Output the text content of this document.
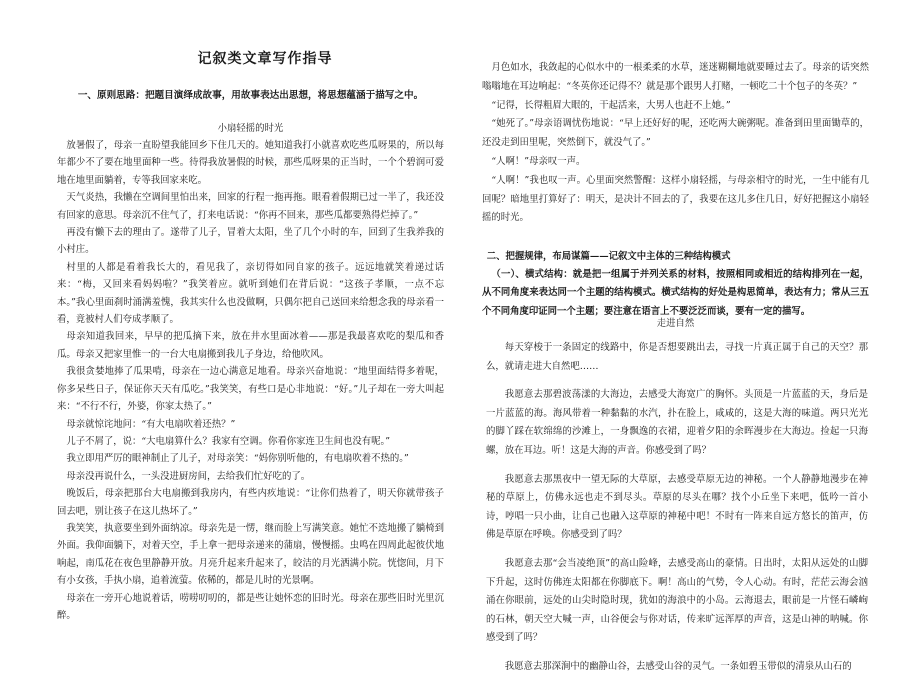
记叙类文章写作指导
一、原则思路：把题目演绎成故事，用故事表达出思想，将思想蕴涵于描写之中。
小扇轻摇的时光

放暑假了，母亲一直盼望我能回乡下住几天的。她知道我打小就喜欢吃些瓜呀果的，所以每年都少不了要在地里面种一些。待得我放暑假的时候，那些瓜呀果的正当时，一个个碧润可爱地在地里面躺着，专等我回家来吃。

天气炎热，我懒在空调间里怕出来，回家的行程一拖再拖。眼看着假期已过一半了，我还没有回家的意思。母亲沉不住气了，打来电话说：“你再不回来，那些瓜都要熟得烂掉了。”

再没有懒下去的理由了。遂带了儿子，冒着大太阳，坐了几个小时的车，回到了生我养我的小村庄。

村里的人都是看着我长大的，看见我了，亲切得如同自家的孩子。远远地就笑着递过话来：“梅，又回来看妈妈啦？”我笑着应。就听到她们在背后说：“这孩子孝顺，一点不忘本。”我心里面刹时涌满羞愧，我其实什么也没做啊，只偶尔把自己送回来给想念我的母亲看一看，竟被村人们夸成孝顺了。

母亲知道我回来，早早的把瓜摘下来，放在井水里面冰着——那是我最喜欢吃的梨瓜和香瓜。母亲又把家里惟一的一台大电扇搬到我儿子身边，给他吹风。

我很贪婪地捧了瓜果啃，母亲在一边心满意足地看。母亲兴奋地说：“地里面结得多着呢，你多呆些日子，保证你天天有瓜吃。”我笑笑，有些口是心非地说：“好。”儿子却在一旁大叫起来：“不行不行，外婆，你家太热了。”

母亲就惊诧地问：“有大电扇吹着还热？”

儿子不屑了，说：“大电扇算什么？我家有空调。你看你家连卫生间也没有呢。”

我立即用严厉的眼神制止了儿子，对母亲笑：“妈你别听他的，有电扇吹着不热的。”

母亲没再说什么，一头没进厨房间，去给我们忙好吃的了。

晚饭后，母亲把那台大电扇搬到我房内，有些内疚地说：“让你们热着了，明天你就带孩子回去吧，别让孩子在这儿热坏了。”

我笑笑，执意要坐到外面纳凉。母亲先是一愣，继而脸上写满笑意。她忙不迭地搬了躺椅到外面。我仰面躺下，对着天空，手上拿一把母亲递来的蒲扇，慢慢摇。虫鸣在四周此起彼伏地响起，南瓜花在夜色里静静开放。月亮升起来升起来了，皎洁的月光洒满小院。恍惚间，月下有小女孩，手执小扇，追着流萤。依稀的，都是儿时的光景啊。

母亲在一旁开心地说着话，唠唠叨叨的，都是些让她怀恋的旧时光。母亲在那些旧时光里沉醉。

月色如水，我敛起的心似水中的一根柔柔的水草，迷迷糊糊地就要睡过去了。母亲的话突然嗡嗡地在耳边响起：“冬英你还记得不？就是那个跟男人打赌，一顿吃二十个包子的冬英？”

“记得，长得粗眉大眼的，干起活来，大男人也赶不上她。”

“她死了。”母亲语调忧伤地说：“早上还好好的呢，还吃两大碗粥呢。准备到田里面锄草的，还没走到田里呢，突然倒下，就没气了。”

“人啊！”母亲叹一声。

“人啊！”我也叹一声。心里面突然警醒：这样小扇轻摇，与母亲相守的时光，一生中能有几回呢？暗地里打算好了：明天，是决计不回去的了，我要在这儿多住几日，好好把握这小扇轻摇的时光。

二、把握规律，布局谋篇——记叙文中主体的三种结构模式
（一）、横式结构：就是把一组属于并列关系的材料，按照相同或相近的结构排列在一起，从不同角度来表达同一个主题的结构模式。横式结构的好处是构思简单，表达有力；常从三五个不同角度印证同一个主题；要注意在语言上不要泛泛而谈，要有一定的描写。
走进自然

每天穿梭于一条固定的线路中，你是否想要跳出去，寻找一片真正属于自己的天空？那么，就请走进大自然吧……

我愿意去那碧波荡漾的大海边，去感受大海宽广的胸怀。头顶是一片蓝蓝的天，身后是一片蓝蓝的海。海风带着一种黏黏的水汽，扑在脸上，咸咸的，这是大海的味道。两只光光的脚丫踩在软绵绵的沙滩上，一身飘逸的衣裙，迎着夕阳的余晖漫步在大海边。捡起一只海螺，放在耳边。听！这是大海的声音。你感受到了吗？

我愿意去那黑夜中一望无际的大草原，去感受草原无边的神秘。一个人静静地漫步在神秘的草原上，仿佛永远也走不到尽头。草原的尽头在哪？找个小丘坐下来吧，低吟一首小诗，哼唱一只小曲，让自己也融入这草原的神秘中吧！不时有一阵来自远方悠长的笛声，仿佛是草原在呼唤。你感受到了吗？

我愿意去那“会当凌绝顶”的高山险峰，去感受高山的豪情。日出时，太阳从远处的山脚下升起，这时仿佛连太阳都在你脚底下。啊！高山的气势，令人心动。有时，茫茫云海会汹涌在你眼前，远处的山尖时隐时现，犹如的海浪中的小岛。云海退去，眼前是一片怪石嶙峋的石林，朝天空大喊一声，山谷便会与你对话，传来旷远浑厚的声音，这是山神的呐喊。你感受到了吗？

我愿意去那深涧中的幽静山谷，去感受山谷的灵气。一条如碧玉带似的清泉从山石的
